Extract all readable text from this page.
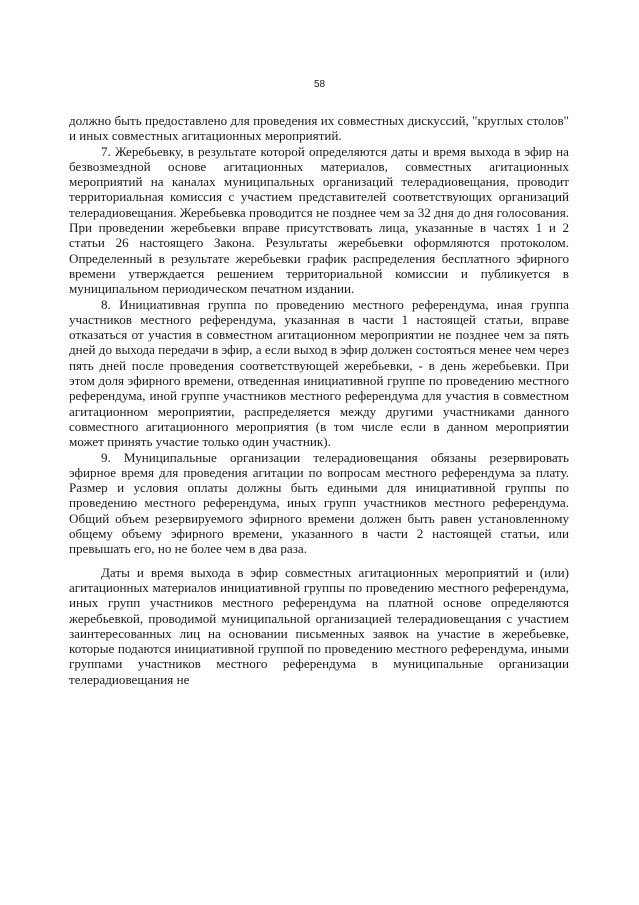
58

должно быть предоставлено для проведения их совместных дискуссий, "круглых столов" и иных совместных агитационных мероприятий.

7. Жеребьевку, в результате которой определяются даты и время выхода в эфир на безвозмездной основе агитационных материалов, совместных агитационных мероприятий на каналах муниципальных организаций телерадиовещания, проводит территориальная комиссия с участием представителей соответствующих организаций телерадиовещания. Жеребьевка проводится не позднее чем за 32 дня до дня голосования. При проведении жеребьевки вправе присутствовать лица, указанные в частях 1 и 2 статьи 26 настоящего Закона. Результаты жеребьевки оформляются протоколом. Определенный в результате жеребьевки график распределения бесплатного эфирного времени утверждается решением территориальной комиссии и публикуется в муниципальном периодическом печатном издании.

8. Инициативная группа по проведению местного референдума, иная группа участников местного референдума, указанная в части 1 настоящей статьи, вправе отказаться от участия в совместном агитационном мероприятии не позднее чем за пять дней до выхода передачи в эфир, а если выход в эфир должен состояться менее чем через пять дней после проведения соответствующей жеребьевки, - в день жеребьевки. При этом доля эфирного времени, отведенная инициативной группе по проведению местного референдума, иной группе участников местного референдума для участия в совместном агитационном мероприятии, распределяется между другими участниками данного совместного агитационного мероприятия (в том числе если в данном мероприятии может принять участие только один участник).

9. Муниципальные организации телерадиовещания обязаны резервировать эфирное время для проведения агитации по вопросам местного референдума за плату. Размер и условия оплаты должны быть едиными для инициативной группы по проведению местного референдума, иных групп участников местного референдума. Общий объем резервируемого эфирного времени должен быть равен установленному общему объему эфирного времени, указанного в части 2 настоящей статьи, или превышать его, но не более чем в два раза.

Даты и время выхода в эфир совместных агитационных мероприятий и (или) агитационных материалов инициативной группы по проведению местного референдума, иных групп участников местного референдума на платной основе определяются жеребьевкой, проводимой муниципальной организацией телерадиовещания с участием заинтересованных лиц на основании письменных заявок на участие в жеребьевке, которые подаются инициативной группой по проведению местного референдума, иными группами участников местного референдума в муниципальные организации телерадиовещания не
